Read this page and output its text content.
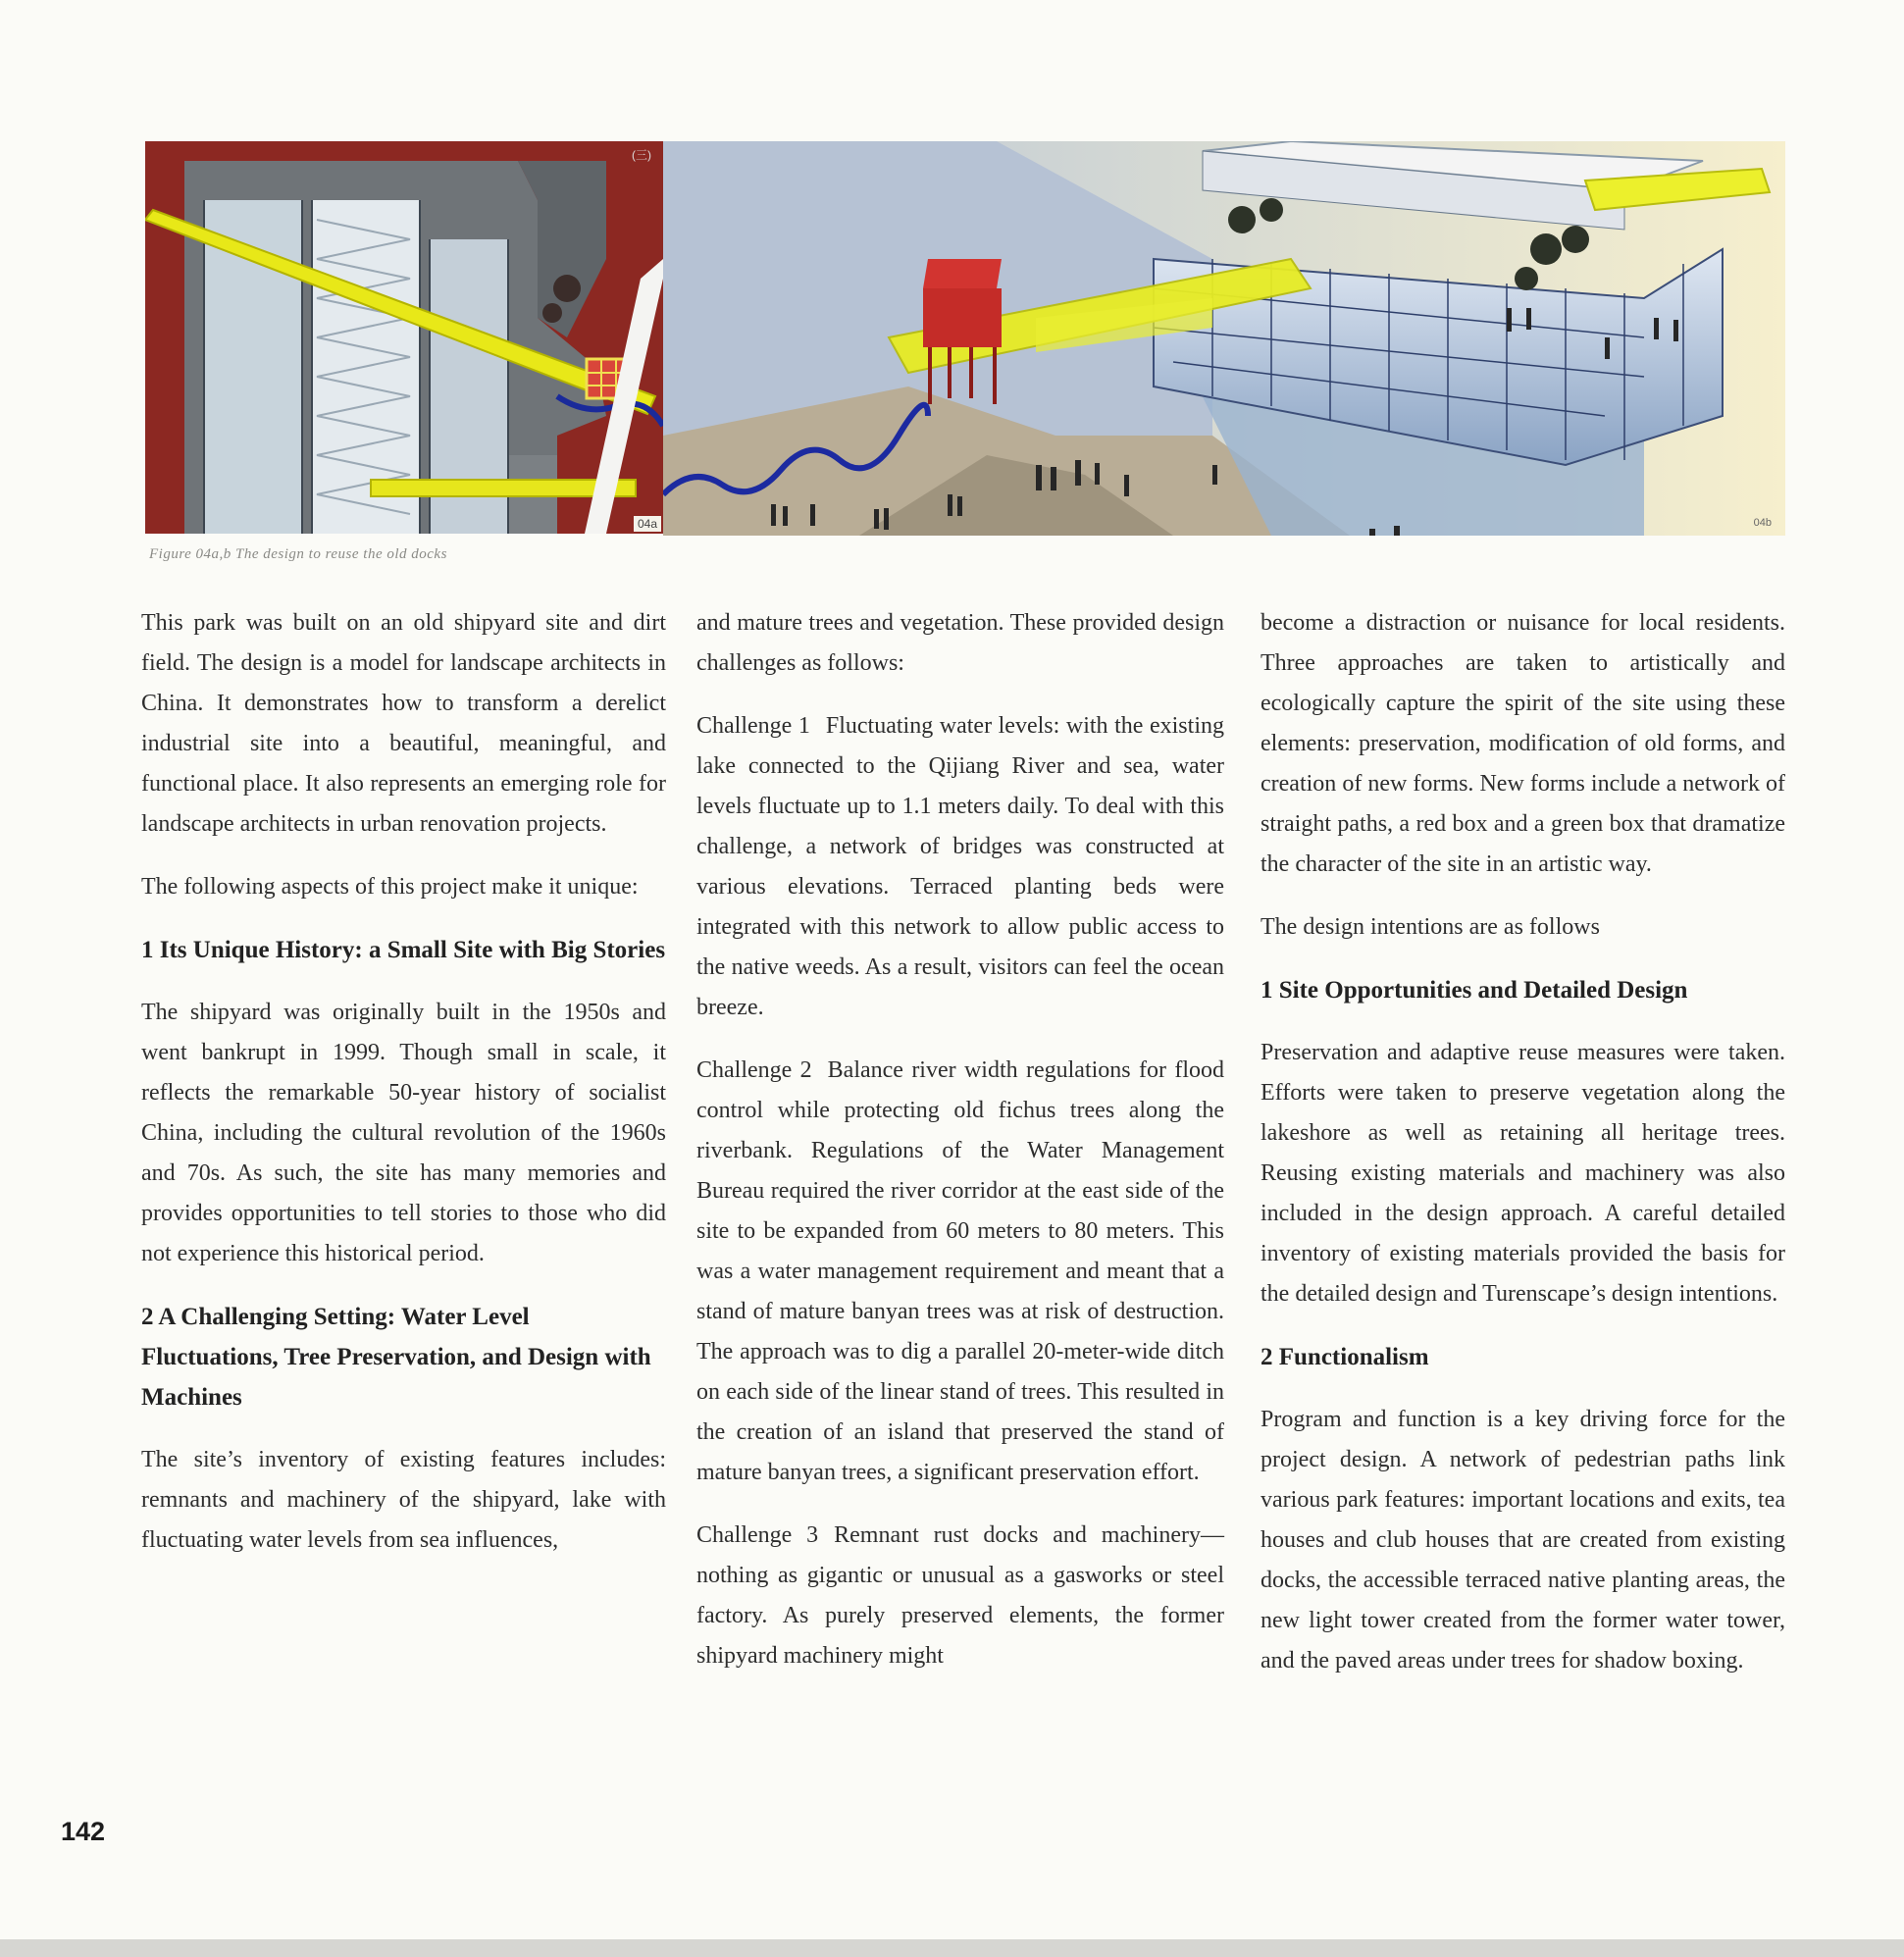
(三)
04a	04b
Figure 04a,b The design to reuse the old docks

This park was built on an old shipyard site and dirt field. The design is a model for landscape architects in China. It demonstrates how to transform a derelict industrial site into a beautiful, meaningful, and functional place. It also represents an emerging role for landscape architects in urban renovation projects.

The following aspects of this project make it unique:

1 Its Unique History: a Small Site with Big Stories

The shipyard was originally built in the 1950s and went bankrupt in 1999. Though small in scale, it reflects the remarkable 50-year history of socialist China, including the cultural revolution of the 1960s and 70s. As such, the site has many memories and provides opportunities to tell stories to those who did not experience this historical period.

2 A Challenging Setting: Water Level Fluctuations, Tree Preservation, and Design with Machines

The site’s inventory of existing features includes: remnants and machinery of the shipyard, lake with fluctuating water levels from sea influences,

and mature trees and vegetation. These provided design challenges as follows:

Challenge 1 Fluctuating water levels: with the existing lake connected to the Qijiang River and sea, water levels fluctuate up to 1.1 meters daily. To deal with this challenge, a network of bridges was constructed at various elevations. Terraced planting beds were integrated with this network to allow public access to the native weeds. As a result, visitors can feel the ocean breeze.

Challenge 2 Balance river width regulations for flood control while protecting old fichus trees along the riverbank. Regulations of the Water Management Bureau required the river corridor at the east side of the site to be expanded from 60 meters to 80 meters. This was a water management requirement and meant that a stand of mature banyan trees was at risk of destruction. The approach was to dig a parallel 20-meter-wide ditch on each side of the linear stand of trees. This resulted in the creation of an island that preserved the stand of mature banyan trees, a significant preservation effort.

Challenge 3 Remnant rust docks and machinery—nothing as gigantic or unusual as a gasworks or steel factory. As purely preserved elements, the former shipyard machinery might

become a distraction or nuisance for local residents. Three approaches are taken to artistically and ecologically capture the spirit of the site using these elements: preservation, modification of old forms, and creation of new forms. New forms include a network of straight paths, a red box and a green box that dramatize the character of the site in an artistic way.

The design intentions are as follows

1 Site Opportunities and Detailed Design

Preservation and adaptive reuse measures were taken. Efforts were taken to preserve vegetation along the lakeshore as well as retaining all heritage trees. Reusing existing materials and machinery was also included in the design approach. A careful detailed inventory of existing materials provided the basis for the detailed design and Turenscape’s design intentions.

2 Functionalism

Program and function is a key driving force for the project design. A network of pedestrian paths link various park features: important locations and exits, tea houses and club houses that are created from existing docks, the accessible terraced native planting areas, the new light tower created from the former water tower, and the paved areas under trees for shadow boxing.

142
